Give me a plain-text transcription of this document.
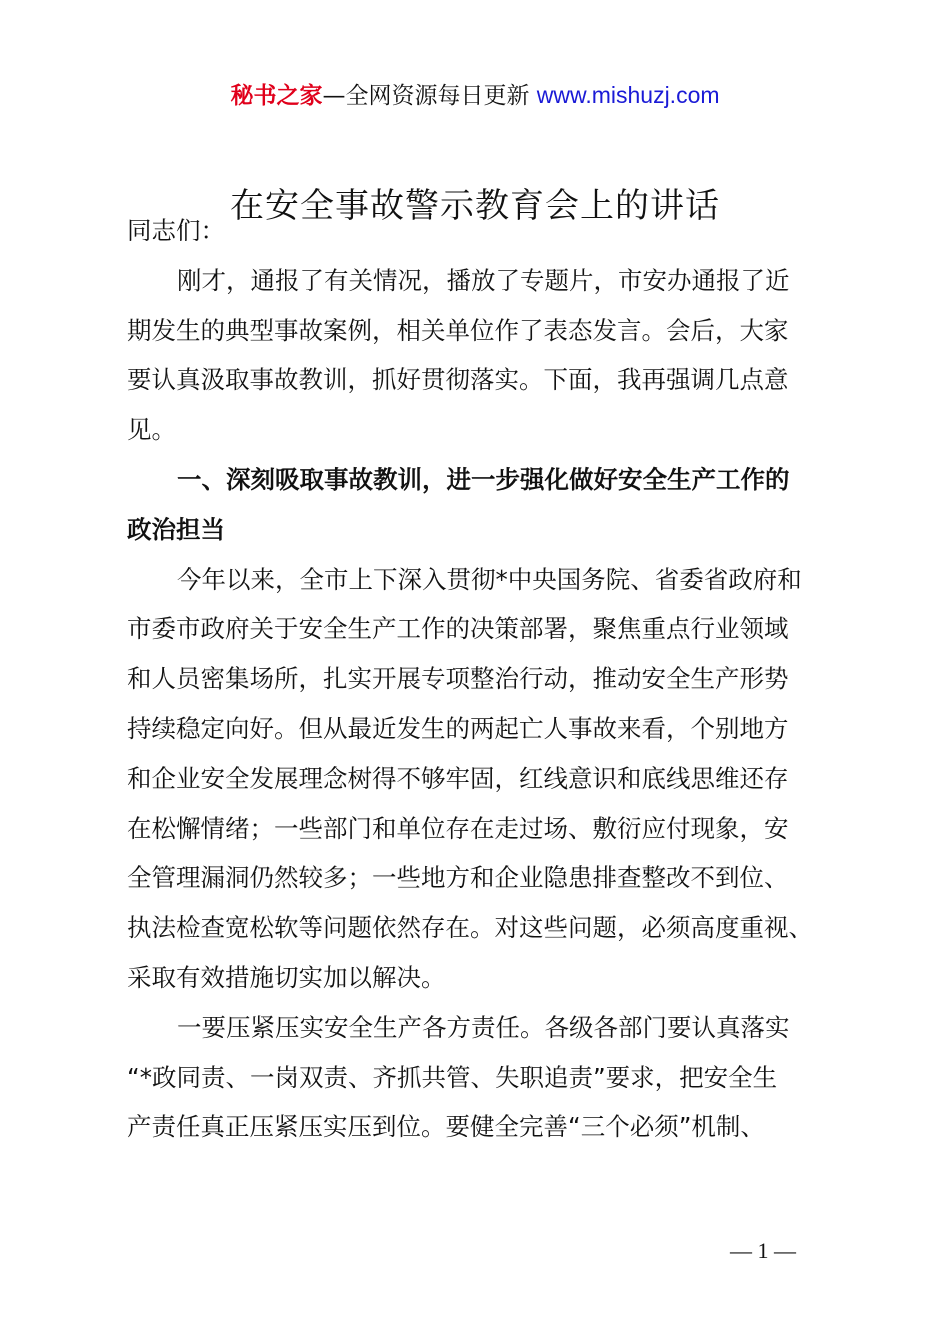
秘书之家—全网资源每日更新 www.mishuzj.com
在安全事故警示教育会上的讲话
同志们：
刚才，通报了有关情况，播放了专题片，市安办通报了近
期发生的典型事故案例，相关单位作了表态发言。会后，大家
要认真汲取事故教训，抓好贯彻落实。下面，我再强调几点意
见。
一、深刻吸取事故教训，进一步强化做好安全生产工作的
政治担当
今年以来，全市上下深入贯彻*中央国务院、省委省政府和
市委市政府关于安全生产工作的决策部署，聚焦重点行业领域
和人员密集场所，扎实开展专项整治行动，推动安全生产形势
持续稳定向好。但从最近发生的两起亡人事故来看，个别地方
和企业安全发展理念树得不够牢固，红线意识和底线思维还存
在松懈情绪；一些部门和单位存在走过场、敷衍应付现象，安
全管理漏洞仍然较多；一些地方和企业隐患排查整改不到位、
执法检查宽松软等问题依然存在。对这些问题，必须高度重视、
采取有效措施切实加以解决。
一要压紧压实安全生产各方责任。各级各部门要认真落实
“*政同责、一岗双责、齐抓共管、失职追责”要求，把安全生
产责任真正压紧压实压到位。要健全完善“三个必须”机制、
— 1 —
